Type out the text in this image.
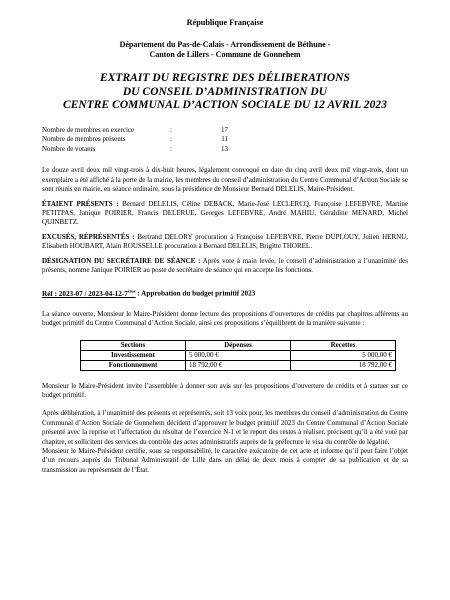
République Française
Département du Pas-de-Calais - Arrondissement de Béthune -
Canton de Lillers - Commune de Gonnehem
EXTRAIT DU REGISTRE DES DÉLIBERATIONS
DU CONSEIL D’ADMINISTRATION DU
CENTRE COMMUNAL D’ACTION SOCIALE DU 12 AVRIL 2023
Nombre de membres en exercice	:	17
Nombre de membres présents	:	11
Nombre de votants	:	13

Le douze avril deux mil vingt-trois à dix-huit heures, légalement convoqué en date du cinq avril deux mil vingt-trois, dont un exemplaire a été affiché à la porte de la mairie, les membres du conseil d’administration du Centre Communal d’Action Sociale se sont réunis en mairie, en séance ordinaire, sous la présidence de Monsieur Bernard DELELIS, Maire-Président.

ÉTAIENT PRÉSENTS : Bernard DELELIS, Céline DEBACK, Marie-José LECLERCQ, Françoise LEFEBVRE, Martine PETITPAS, Janique POIRIER, Francis DELERUE, Georges LEFEBVRE, André MAHIU, Géraldine MENARD, Michel QUINBETZ.

EXCUSÉS, RÉPRÉSENTÉS : Bertrand DELORY procuration à Françoise LEFEBVRE, Pierre DUPLOUY, Julien HERNU, Elisabeth HOUBART, Alain ROUSSELLE procuration à Bernard DELELIS, Brigitte THOREL.

DÉSIGNATION DU SECRÉTAIRE DE SÉANCE : Après vote à main levée, le conseil d’administration a l’unanimité des présents, nomme Janique POIRIER au poste de secrétaire de séance qui en accepte les fonctions.

Réf : 2023-07 / 2023-04-12-7ème : Approbation du budget primitif 2023

La séance ouverte, Monsieur le Maire-Président donne lecture des propositions d’ouvertures de crédits par chapitres afférents au budget primitif du Centre Communal d’Action Sociale, ainsi ces propositions s’équilibrent de la manière suivante :

Sections	Dépenses	Recettes
Investissement	5 000,00 €	5 000,00 €
Fonctionnement	18 792,00 €	18 792,00 €

Monsieur le Maire-Président invite l’assemblée à donner son avis sur les propositions d’ouverture de crédits et à statuer sur ce budget primitif.

Après délibération, à l’unanimité des présents et représentés, soit 13 voix pour, les membres du conseil d’administration du Centre Communal d’Action Sociale de Gonnehem décident d’approuver le budget primitif 2023 du Centre Communal d’Action Sociale présenté avec la reprise et l’affectation du résultat de l’exercice N-1 et le report des restes à réaliser, précisent qu’il a été voté par chapitre, et sollicitent des services du contrôle des actes administratifs auprès de la préfecture le visa du contrôle de légalité.

Monsieur le Maire-Président certifie, sous sa responsabilité, le caractère exécutoire de cet acte et informe qu’il peut faire l’objet d’un recours auprès du Tribunal Administratif de Lille dans un délai de deux mois à compter de sa publication et de sa transmission au représentant de l’État.
